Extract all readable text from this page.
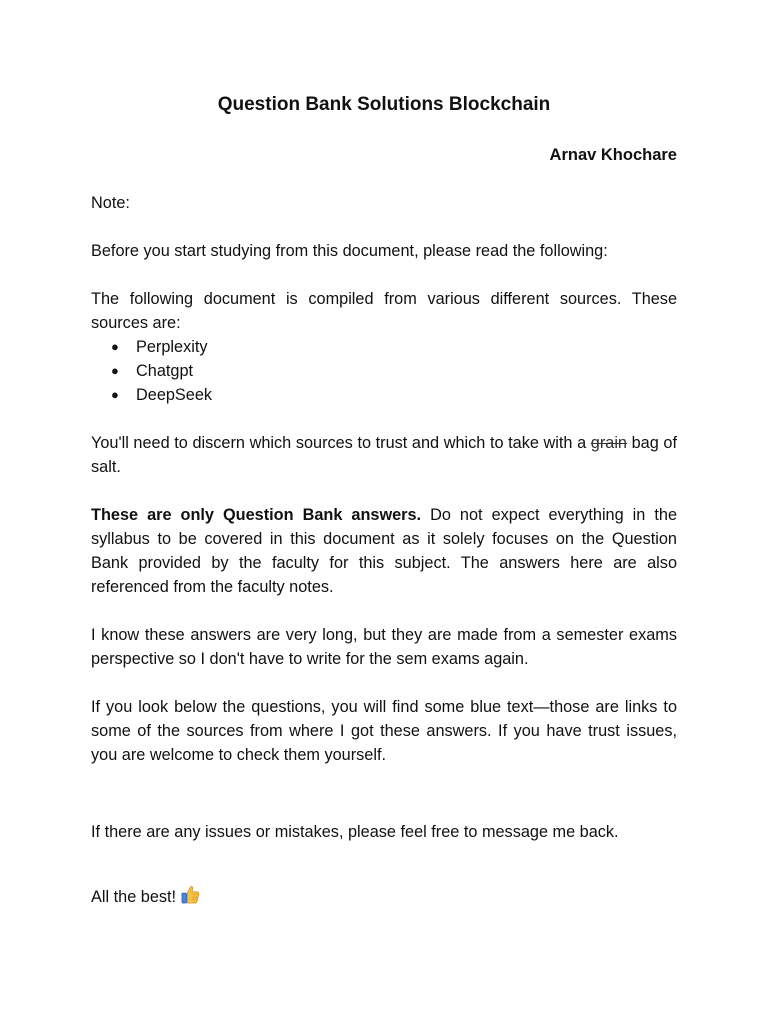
Question Bank Solutions Blockchain
Arnav Khochare
Note:
Before you start studying from this document, please read the following:
The following document is compiled from various different sources. These sources are:
● Perplexity
● Chatgpt
● DeepSeek
You'll need to discern which sources to trust and which to take with a grain bag of salt.
These are only Question Bank answers. Do not expect everything in the syllabus to be covered in this document as it solely focuses on the Question Bank provided by the faculty for this subject. The answers here are also referenced from the faculty notes.
I know these answers are very long, but they are made from a semester exams perspective so I don't have to write for the sem exams again.
If you look below the questions, you will find some blue text—those are links to some of the sources from where I got these answers. If you have trust issues, you are welcome to check them yourself.
If there are any issues or mistakes, please feel free to message me back.
All the best!
